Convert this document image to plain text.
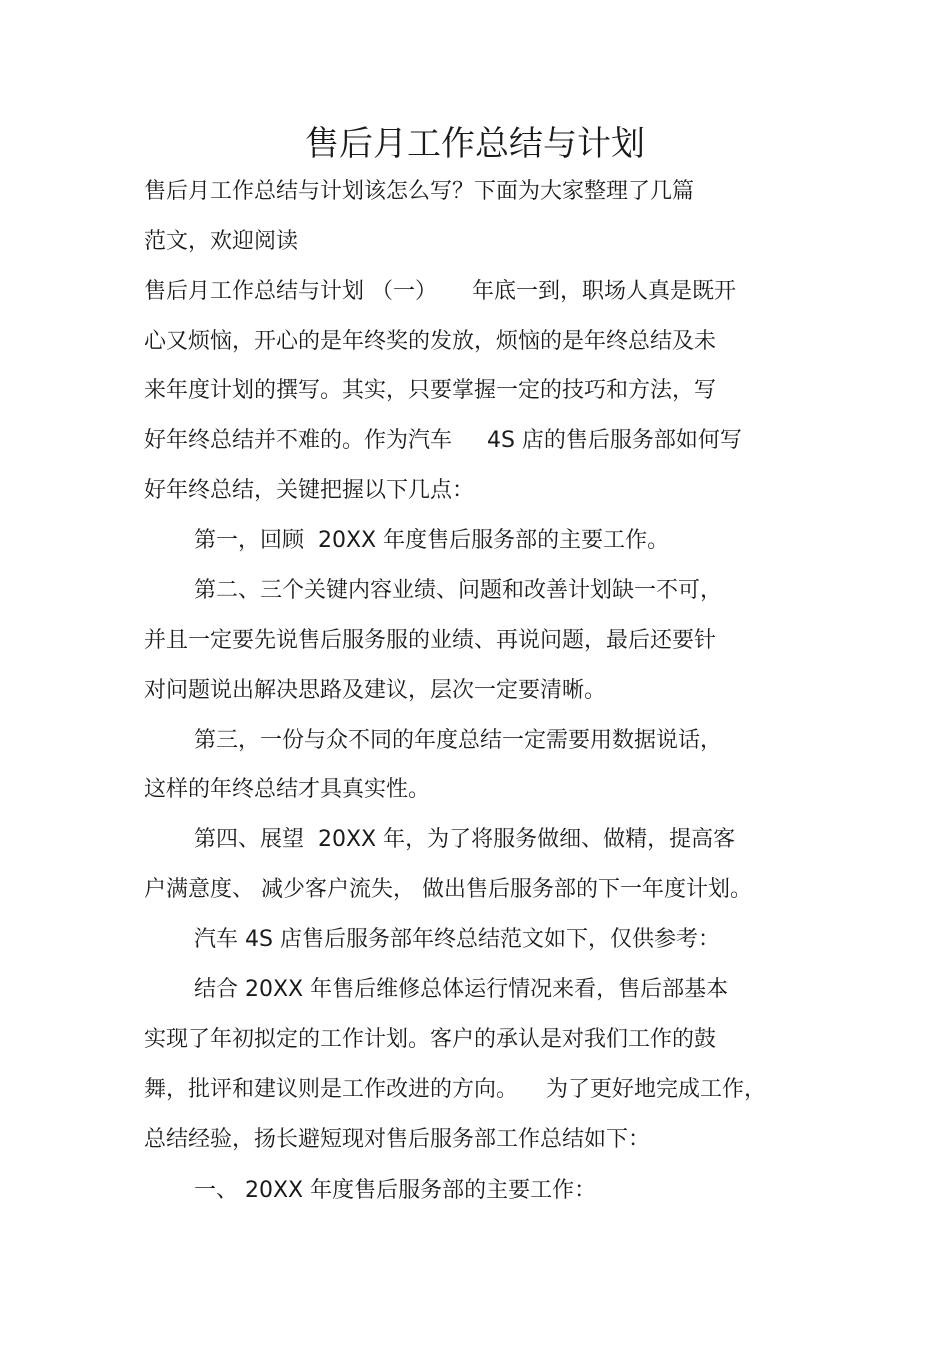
售后月工作总结与计划

售后月工作总结与计划该怎么写？下面为大家整理了几篇

范文，欢迎阅读

售后月工作总结与计划 （一）     年底一到，职场人真是既开

心又烦恼，开心的是年终奖的发放，烦恼的是年终总结及未

来年度计划的撰写。其实，只要掌握一定的技巧和方法，写

好年终总结并不难的。作为汽车     4S 店的售后服务部如何写

好年终总结，关键把握以下几点：

第一，回顾  20XX 年度售后服务部的主要工作。

第二、三个关键内容业绩、问题和改善计划缺一不可，

并且一定要先说售后服务服的业绩、再说问题，最后还要针

对问题说出解决思路及建议，层次一定要清晰。

第三，一份与众不同的年度总结一定需要用数据说话，

这样的年终总结才具真实性。

第四、展望  20XX 年，为了将服务做细、做精，提高客

户满意度、 减少客户流失， 做出售后服务部的下一年度计划。

汽车 4S 店售后服务部年终总结范文如下，仅供参考：

结合 20XX 年售后维修总体运行情况来看，售后部基本

实现了年初拟定的工作计划。客户的承认是对我们工作的鼓

舞，批评和建议则是工作改进的方向。    为了更好地完成工作，

总结经验，扬长避短现对售后服务部工作总结如下：

一、 20XX 年度售后服务部的主要工作：
